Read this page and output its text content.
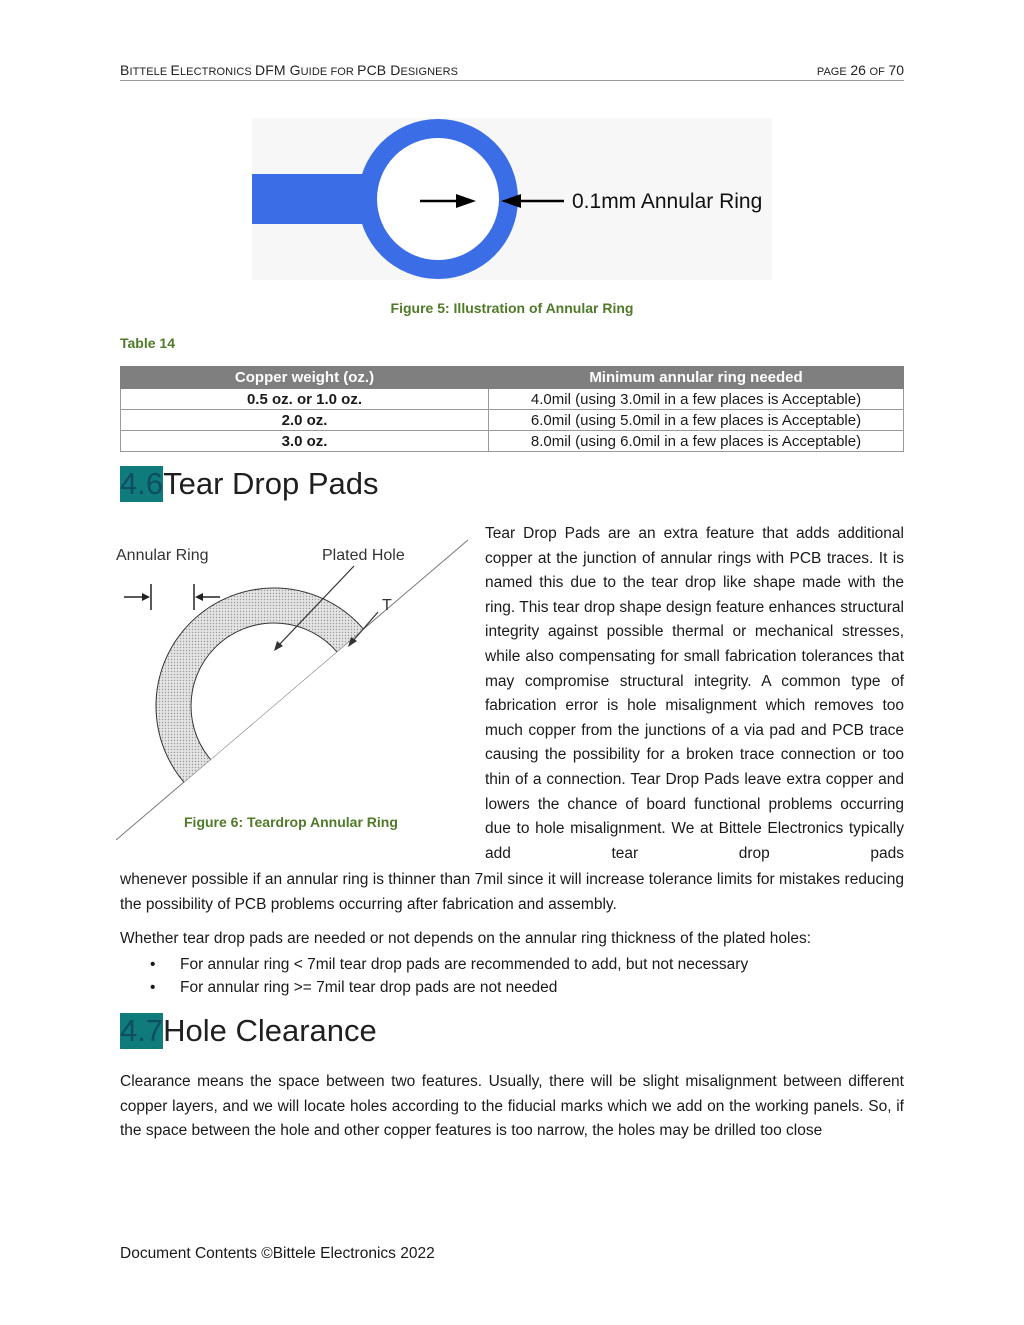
BITTELE ELECTRONICS DFM GUIDE FOR PCB DESIGNERS	PAGE 26 OF 70
0.1mm Annular Ring
Figure 5: Illustration of Annular Ring
Table 14
Copper weight (oz.)	Minimum annular ring needed
0.5 oz. or 1.0 oz.	4.0mil (using 3.0mil in a few places is Acceptable)
2.0 oz.	6.0mil (using 5.0mil in a few places is Acceptable)
3.0 oz.	8.0mil (using 6.0mil in a few places is Acceptable)
4.6Tear Drop Pads
Annular Ring	Plated Hole
T
Figure 6: Teardrop Annular Ring
Tear Drop Pads are an extra feature that adds additional copper at the junction of annular rings with PCB traces. It is named this due to the tear drop like shape made with the ring. This tear drop shape design feature enhances structural integrity against possible thermal or mechanical stresses, while also compensating for small fabrication tolerances that may compromise structural integrity. A common type of fabrication error is hole misalignment which removes too much copper from the junctions of a via pad and PCB trace causing the possibility for a broken trace connection or too thin of a connection. Tear Drop Pads leave extra copper and lowers the chance of board functional problems occurring due to hole misalignment. We at Bittele Electronics typically add tear drop pads
whenever possible if an annular ring is thinner than 7mil since it will increase tolerance limits for mistakes reducing the possibility of PCB problems occurring after fabrication and assembly.
Whether tear drop pads are needed or not depends on the annular ring thickness of the plated holes:
• For annular ring < 7mil tear drop pads are recommended to add, but not necessary
• For annular ring >= 7mil tear drop pads are not needed
4.7Hole Clearance
Clearance means the space between two features. Usually, there will be slight misalignment between different copper layers, and we will locate holes according to the fiducial marks which we add on the working panels. So, if the space between the hole and other copper features is too narrow, the holes may be drilled too close
Document Contents ©Bittele Electronics 2022
